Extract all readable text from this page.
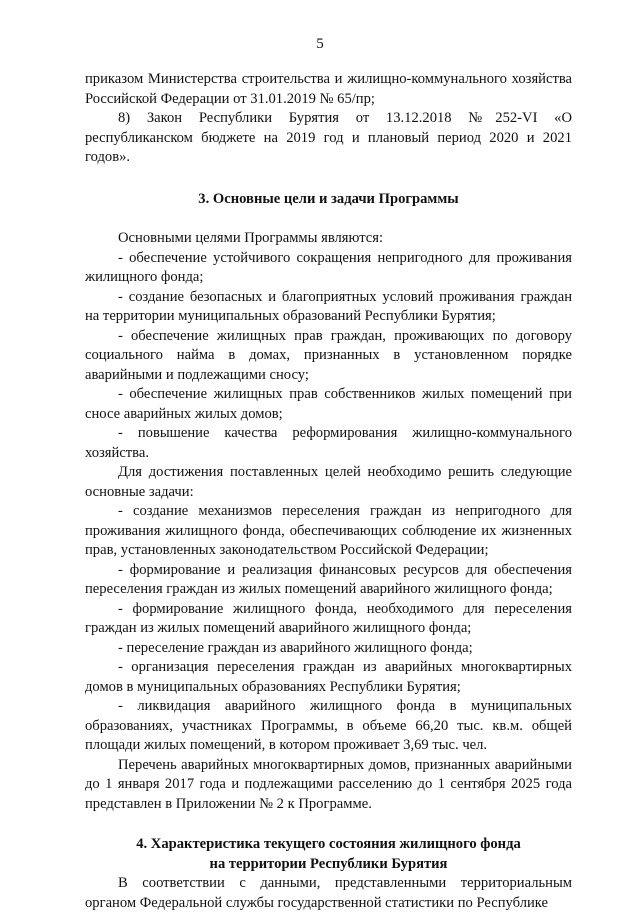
5

приказом Министерства строительства и жилищно-коммунального хозяйства Российской Федерации от 31.01.2019 № 65/пр;

8) Закон Республики Бурятия от 13.12.2018 №252-VI «О республиканском бюджете на 2019 год и плановый период 2020 и 2021 годов».

3. Основные цели и задачи Программы

Основными целями Программы являются:

- обеспечение устойчивого сокращения непригодного для проживания жилищного фонда;

- создание безопасных и благоприятных условий проживания граждан на территории муниципальных образований Республики Бурятия;

- обеспечение жилищных прав граждан, проживающих по договору социального найма в домах, признанных в установленном порядке аварийными и подлежащими сносу;

- обеспечение жилищных прав собственников жилых помещений при сносе аварийных жилых домов;

- повышение качества реформирования жилищно-коммунального хозяйства.

Для достижения поставленных целей необходимо решить следующие основные задачи:

- создание механизмов переселения граждан из непригодного для проживания жилищного фонда, обеспечивающих соблюдение их жизненных прав, установленных законодательством Российской Федерации;

- формирование и реализация финансовых ресурсов для обеспечения переселения граждан из жилых помещений аварийного жилищного фонда;

- формирование жилищного фонда, необходимого для переселения граждан из жилых помещений аварийного жилищного фонда;

- переселение граждан из аварийного жилищного фонда;

- организация переселения граждан из аварийных многоквартирных домов в муниципальных образованиях Республики Бурятия;

- ликвидация аварийного жилищного фонда в муниципальных образованиях, участниках Программы, в объеме 66,20 тыс. кв.м. общей площади жилых помещений, в котором проживает 3,69 тыс. чел.

Перечень аварийных многоквартирных домов, признанных аварийными до 1 января 2017 года и подлежащими расселению до 1 сентября 2025 года представлен в Приложении № 2 к Программе.

4. Характеристика текущего состояния жилищного фонда
на территории Республики Бурятия

В соответствии с данными, представленными территориальным органом Федеральной службы государственной статистики по Республике
